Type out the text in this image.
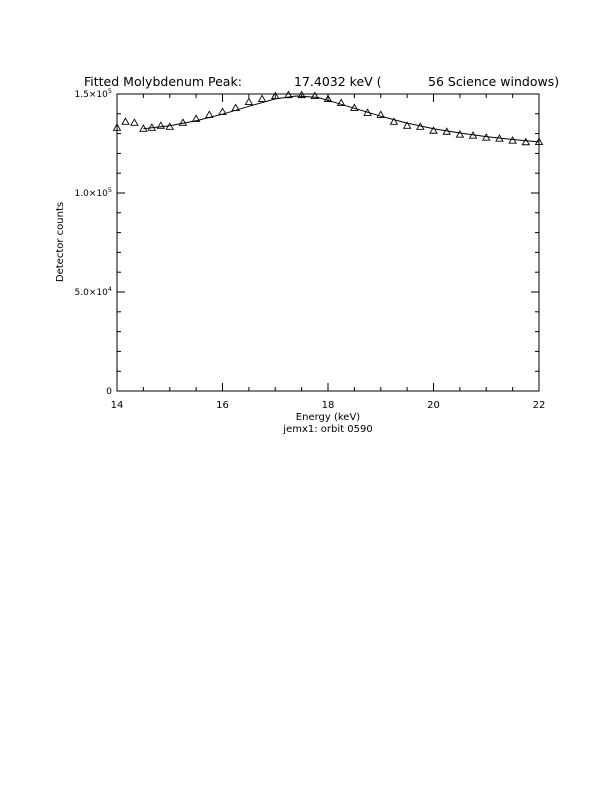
Fitted Molybdenum Peak:	17.4032 keV (	56 Science windows)
0
$5.0\times 10^4$
$1.0\times 10^5$
$1.5\times 10^5$
14	16	18	20	22
Detector counts
Energy (keV)
jemx1: orbit 0590
